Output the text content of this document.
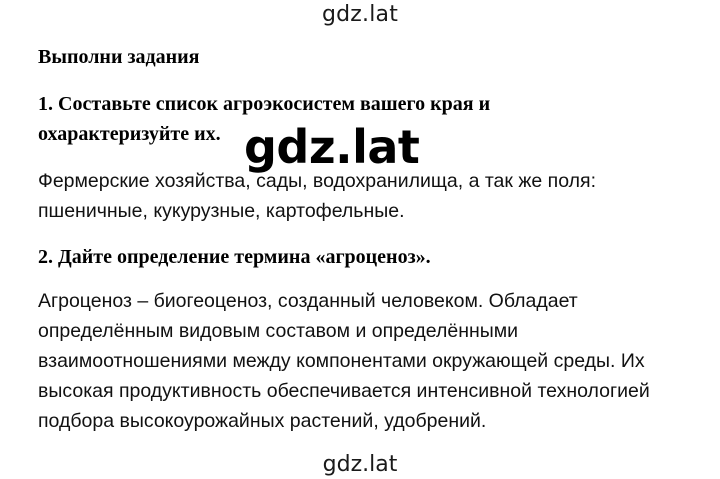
gdz.lat
Выполни задания
1. Составьте список агроэкосистем вашего края и
охарактеризуйте их.
Фермерские хозяйства, сады, водохранилища, а так же поля:
пшеничные, кукурузные, картофельные.
2. Дайте определение термина «агроценоз».
Агроценоз – биогеоценоз, созданный человеком. Обладает
определённым видовым составом и определёнными
взаимоотношениями между компонентами окружающей среды. Их
высокая продуктивность обеспечивается интенсивной технологией
подбора высокоурожайных растений, удобрений.
gdz.lat
gdz.lat
